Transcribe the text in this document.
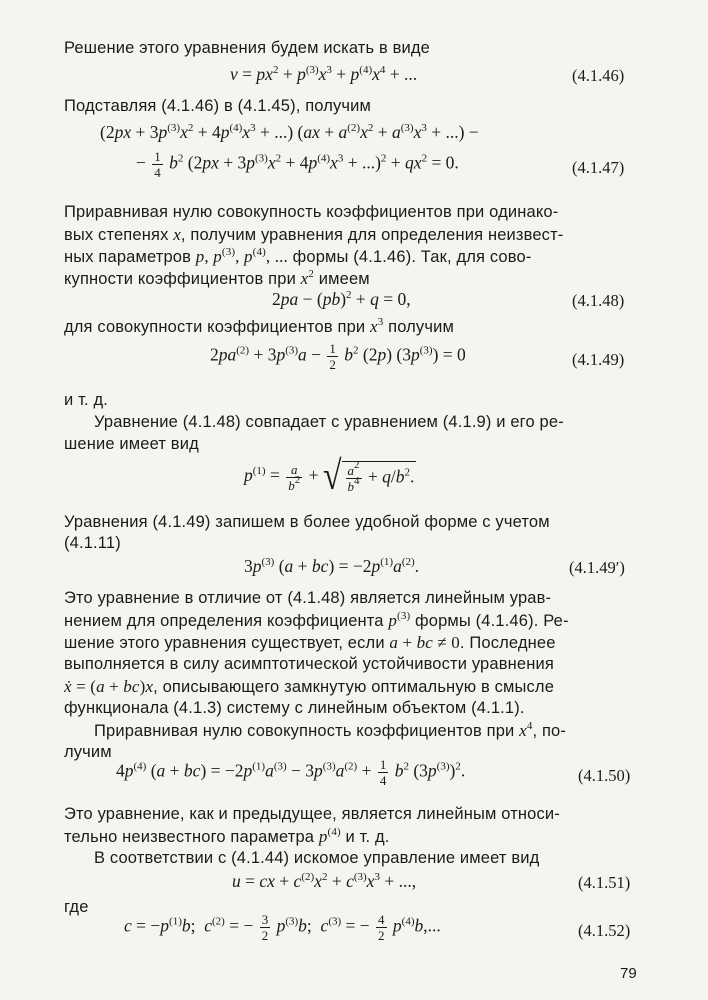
Решение этого уравнения будем искать в виде
$v = px^2 + p^{(3)}x^3 + p^{(4)}x^4$ + ...	(4.1.46)
Подставляя (4.1.46) в (4.1.45), получим
($2px + 3p^{(3)}x^2 + 4p^{(4)}x^3$ + ...) ($ax + a^{(2)}x^2 + a^{(3)}x^3$ + ...) −
− $\frac{1}{4} b^2$ $(2px + 3p^{(3)}x^2 + 4p^{(4)}x^3 + ...)^2 + qx^2 = 0$.	(4.1.47)
Приравнивая нулю совокупность коэффициентов при одинако-
вых степенях x, получим уравнения для определения неизвест-
ных параметров p, $p^{(3)}$, $p^{(4)}$, ... формы (4.1.46). Так, для сово-
купности коэффициентов при $x^2$ имеем
2pa − (pb)$^2$ + q = 0,	(4.1.48)
для совокупности коэффициентов при $x^3$ получим
$2pa^{(2)} + 3p^{(3)}a - \frac{1}{2} b^2$ (2p) $(3p^{(3)}) = 0$	(4.1.49)
и т. д.
Уравнение (4.1.48) совпадает с уравнением (4.1.9) и его ре-
шение имеет вид
$p^{(1)} = \frac{a}{b^2}$ + √ $\frac{a^2}{b^4} + q/b^2$.
Уравнения (4.1.49) запишем в более удобной форме с учетом
(4.1.11)
$3p^{(3)}$ $(a + bc) = -2p^{(1)}a^{(2)}$.	(4.1.49′)
Это уравнение в отличие от (4.1.48) является линейным урав-
нением для определения коэффициента $p^{(3)}$ формы (4.1.46). Ре-
шение этого уравнения существует, если a + bc ≠ 0. Последнее
выполняется в силу асимптотической устойчивости уравнения
ẋ = (a + bc)x, описывающего замкнутую оптимальную в смысле
функционала (4.1.3) систему с линейным объектом (4.1.1).
Приравнивая нулю совокупность коэффициентов при $x^4$, по-
лучим
$4p^{(4)}$ $(a + bc) = -2p^{(1)}a^{(3)} - 3p^{(3)}a^{(2)} + \frac{1}{4} b^2$ $(3p^{(3)})^2$.	(4.1.50)
Это уравнение, как и предыдущее, является линейным относи-
тельно неизвестного параметра $p^{(4)}$ и т. д.
В соответствии с (4.1.44) искомое управление имеет вид
u = cx + $c^{(2)}x^2 + c^{(3)}x^3$ + ...,	(4.1.51)
где
$c = -p^{(1)}b$;  $c^{(2)}$ = − $\frac{3}{2} p^{(3)}b$;  $c^{(3)}$ = − $\frac{4}{2} p^{(4)}b$,...	(4.1.52)
79
